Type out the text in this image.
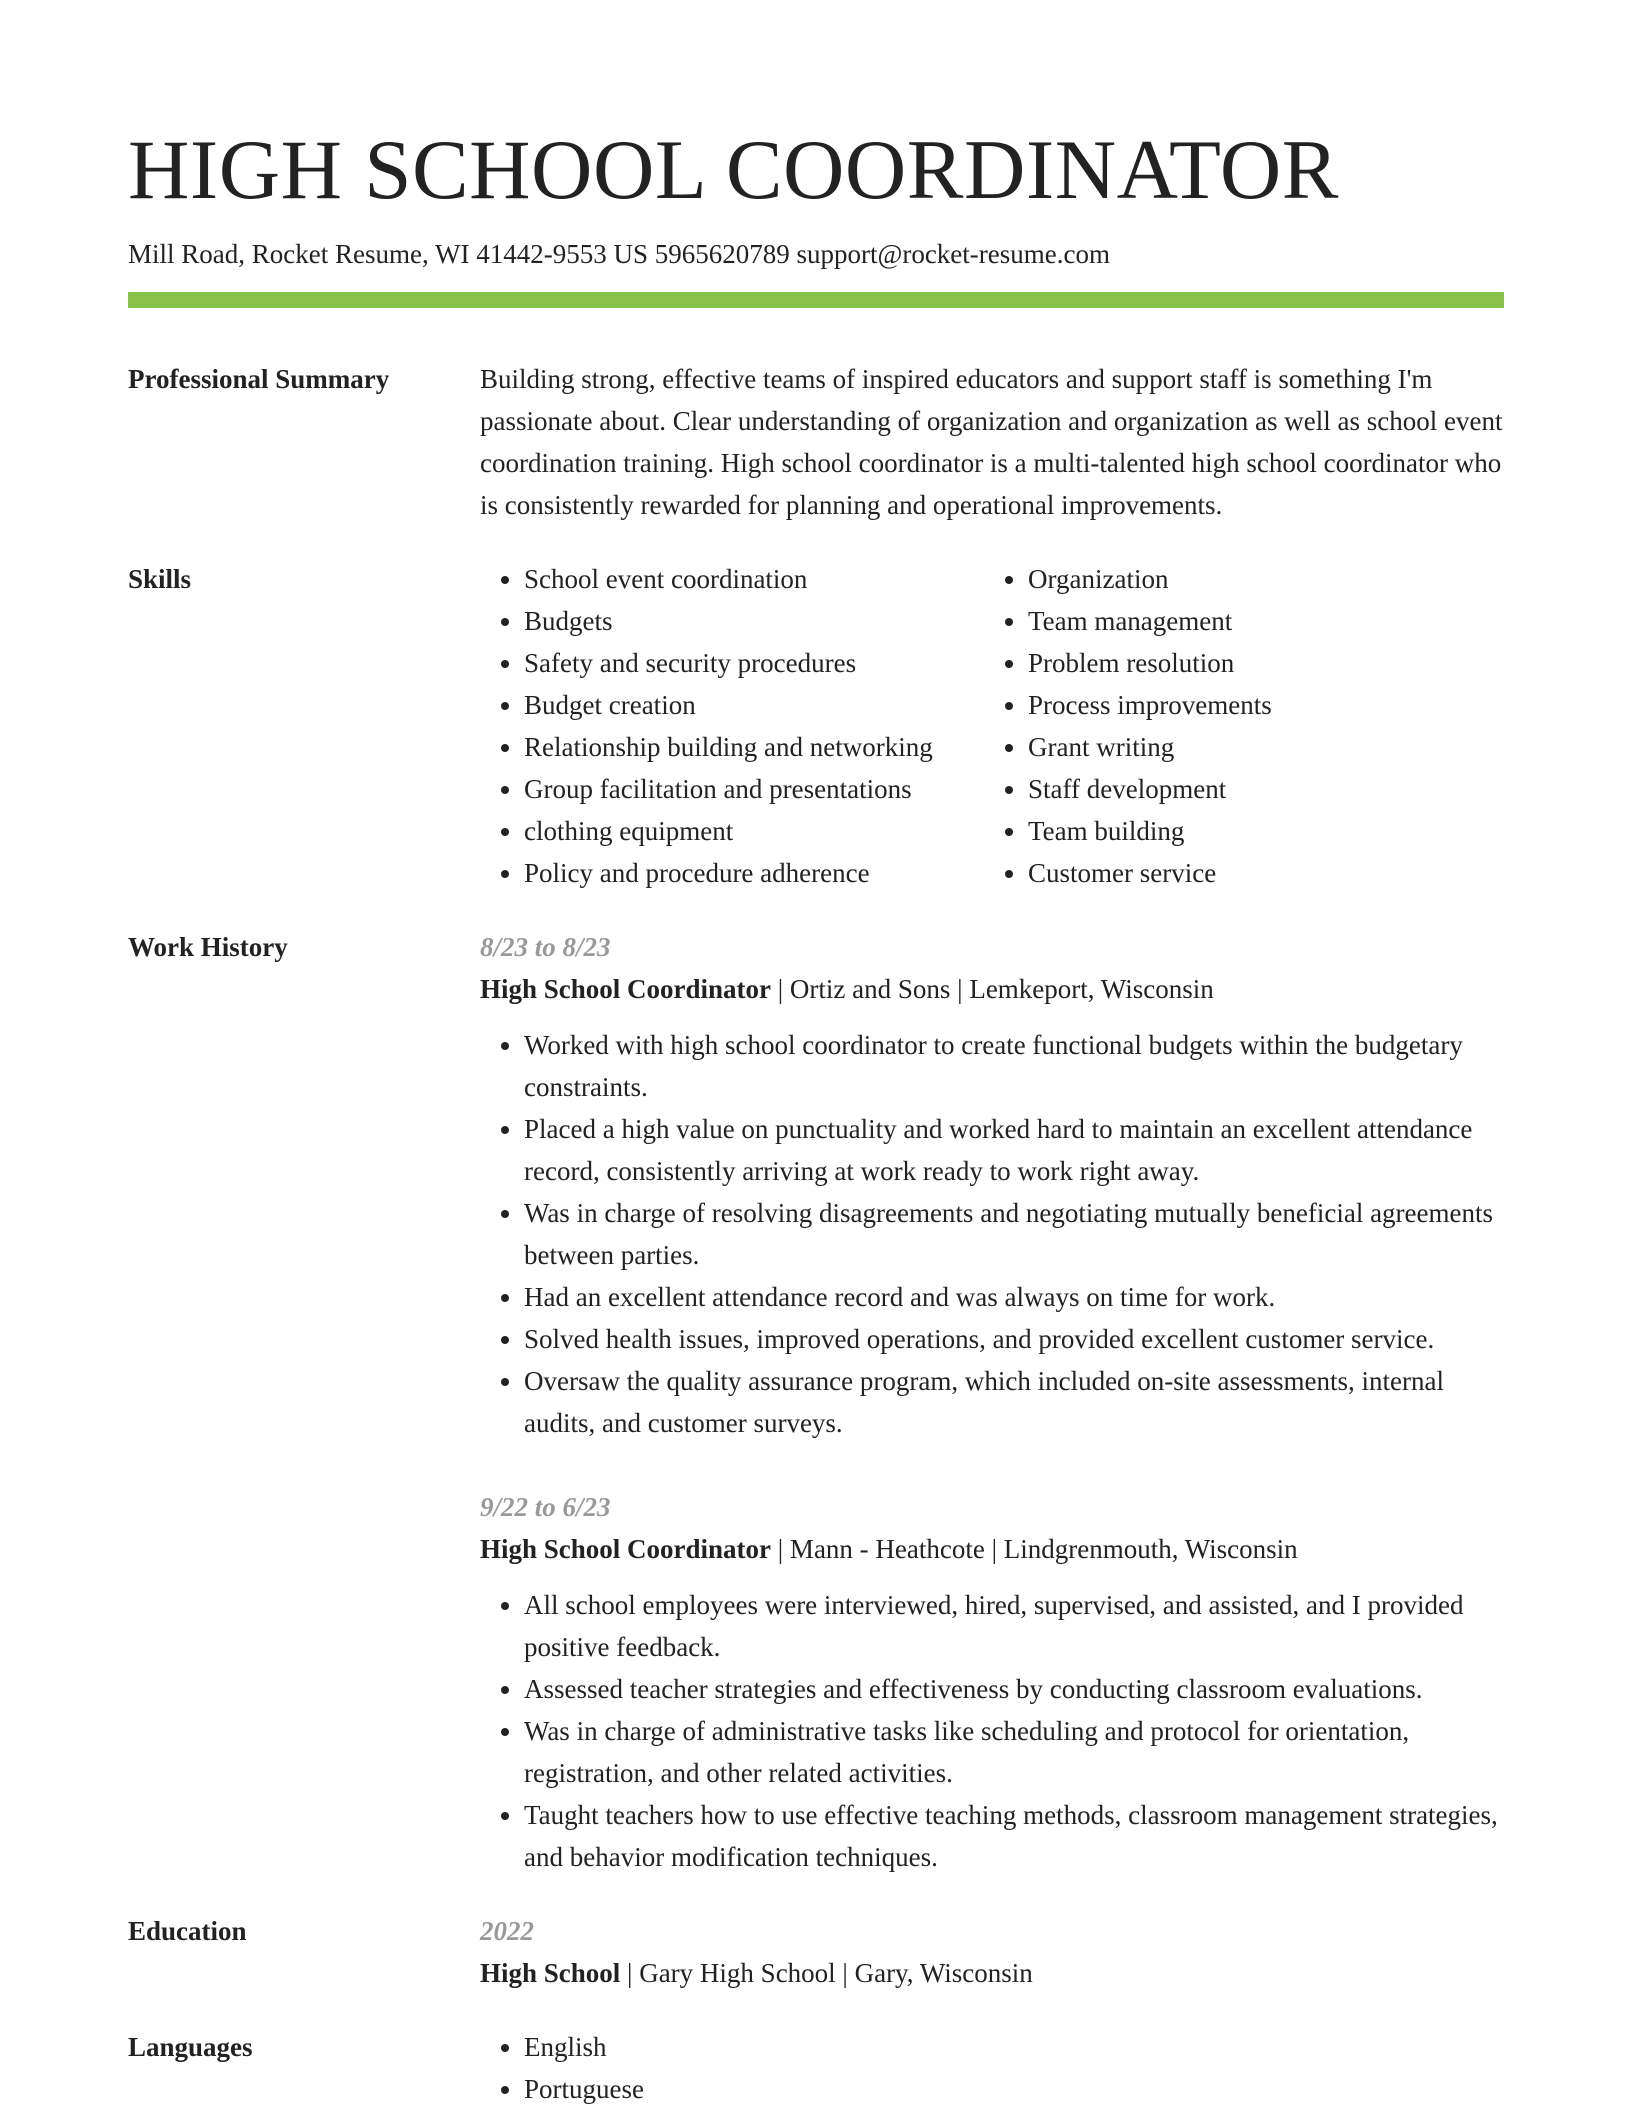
HIGH SCHOOL COORDINATOR
Mill Road, Rocket Resume, WI 41442-9553 US 5965620789 support@rocket-resume.com
Professional Summary	Building strong, effective teams of inspired educators and support staff is something I'm passionate about. Clear understanding of organization and organization as well as school event coordination training. High school coordinator is a multi-talented high school coordinator who is consistently rewarded for planning and operational improvements.

Skills	• School event coordination
• Budgets
• Safety and security procedures
• Budget creation
• Relationship building and networking
• Group facilitation and presentations
• clothing equipment
• Policy and procedure adherence
• Organization
• Team management
• Problem resolution
• Process improvements
• Grant writing
• Staff development
• Team building
• Customer service
Work History	8/23 to 8/23
High School Coordinator | Ortiz and Sons | Lemkeport, Wisconsin
• Worked with high school coordinator to create functional budgets within the budgetary constraints.
• Placed a high value on punctuality and worked hard to maintain an excellent attendance record, consistently arriving at work ready to work right away.
• Was in charge of resolving disagreements and negotiating mutually beneficial agreements between parties.
• Had an excellent attendance record and was always on time for work.
• Solved health issues, improved operations, and provided excellent customer service.
• Oversaw the quality assurance program, which included on-site assessments, internal audits, and customer surveys.
9/22 to 6/23
High School Coordinator | Mann - Heathcote | Lindgrenmouth, Wisconsin
• All school employees were interviewed, hired, supervised, and assisted, and I provided positive feedback.
• Assessed teacher strategies and effectiveness by conducting classroom evaluations.
• Was in charge of administrative tasks like scheduling and protocol for orientation, registration, and other related activities.
• Taught teachers how to use effective teaching methods, classroom management strategies, and behavior modification techniques.
Education	2022
High School | Gary High School | Gary, Wisconsin
Languages	• English
• Portuguese
